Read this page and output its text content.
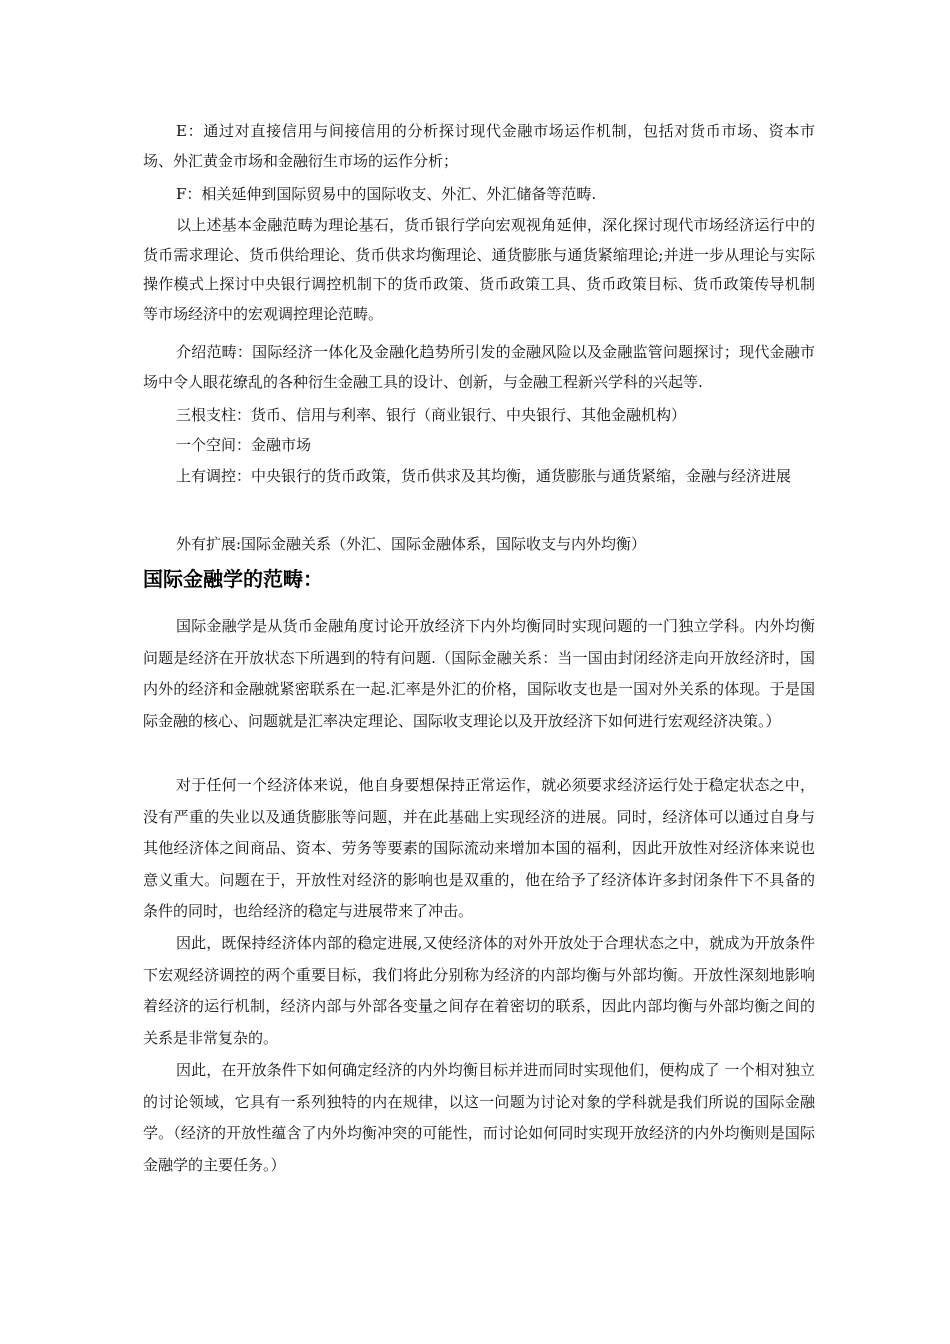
E：通过对直接信用与间接信用的分析探讨现代金融市场运作机制，包括对货币市场、资本市场、外汇黄金市场和金融衍生市场的运作分析；

F：相关延伸到国际贸易中的国际收支、外汇、外汇储备等范畴.

以上述基本金融范畴为理论基石，货币银行学向宏观视角延伸，深化探讨现代市场经济运行中的货币需求理论、货币供给理论、货币供求均衡理论、通货膨胀与通货紧缩理论;并进一步从理论与实际操作模式上探讨中央银行调控机制下的货币政策、货币政策工具、货币政策目标、货币政策传导机制等市场经济中的宏观调控理论范畴。

介绍范畴：国际经济一体化及金融化趋势所引发的金融风险以及金融监管问题探讨；现代金融市场中令人眼花缭乱的各种衍生金融工具的设计、创新，与金融工程新兴学科的兴起等.

三根支柱：货币、信用与利率、银行（商业银行、中央银行、其他金融机构）

一个空间：金融市场

上有调控：中央银行的货币政策，货币供求及其均衡，通货膨胀与通货紧缩，金融与经济进展

外有扩展:国际金融关系（外汇、国际金融体系，国际收支与内外均衡）

国际金融学的范畴：

国际金融学是从货币金融角度讨论开放经济下内外均衡同时实现问题的一门独立学科。内外均衡问题是经济在开放状态下所遇到的特有问题.（国际金融关系：当一国由封闭经济走向开放经济时，国内外的经济和金融就紧密联系在一起.汇率是外汇的价格，国际收支也是一国对外关系的体现。于是国际金融的核心、问题就是汇率决定理论、国际收支理论以及开放经济下如何进行宏观经济决策。）

对于任何一个经济体来说，他自身要想保持正常运作，就必须要求经济运行处于稳定状态之中，没有严重的失业以及通货膨胀等问题，并在此基础上实现经济的进展。同时，经济体可以通过自身与其他经济体之间商品、资本、劳务等要素的国际流动来增加本国的福利，因此开放性对经济体来说也意义重大。问题在于，开放性对经济的影响也是双重的，他在给予了经济体许多封闭条件下不具备的条件的同时，也给经济的稳定与进展带来了冲击。

因此，既保持经济体内部的稳定进展,又使经济体的对外开放处于合理状态之中，就成为开放条件下宏观经济调控的两个重要目标，我们将此分别称为经济的内部均衡与外部均衡。开放性深刻地影响着经济的运行机制，经济内部与外部各变量之间存在着密切的联系，因此内部均衡与外部均衡之间的关系是非常复杂的。

因此，在开放条件下如何确定经济的内外均衡目标并进而同时实现他们，便构成了 一个相对独立的讨论领域，它具有一系列独特的内在规律，以这一问题为讨论对象的学科就是我们所说的国际金融学。（经济的开放性蕴含了内外均衡冲突的可能性，而讨论如何同时实现开放经济的内外均衡则是国际金融学的主要任务。）
